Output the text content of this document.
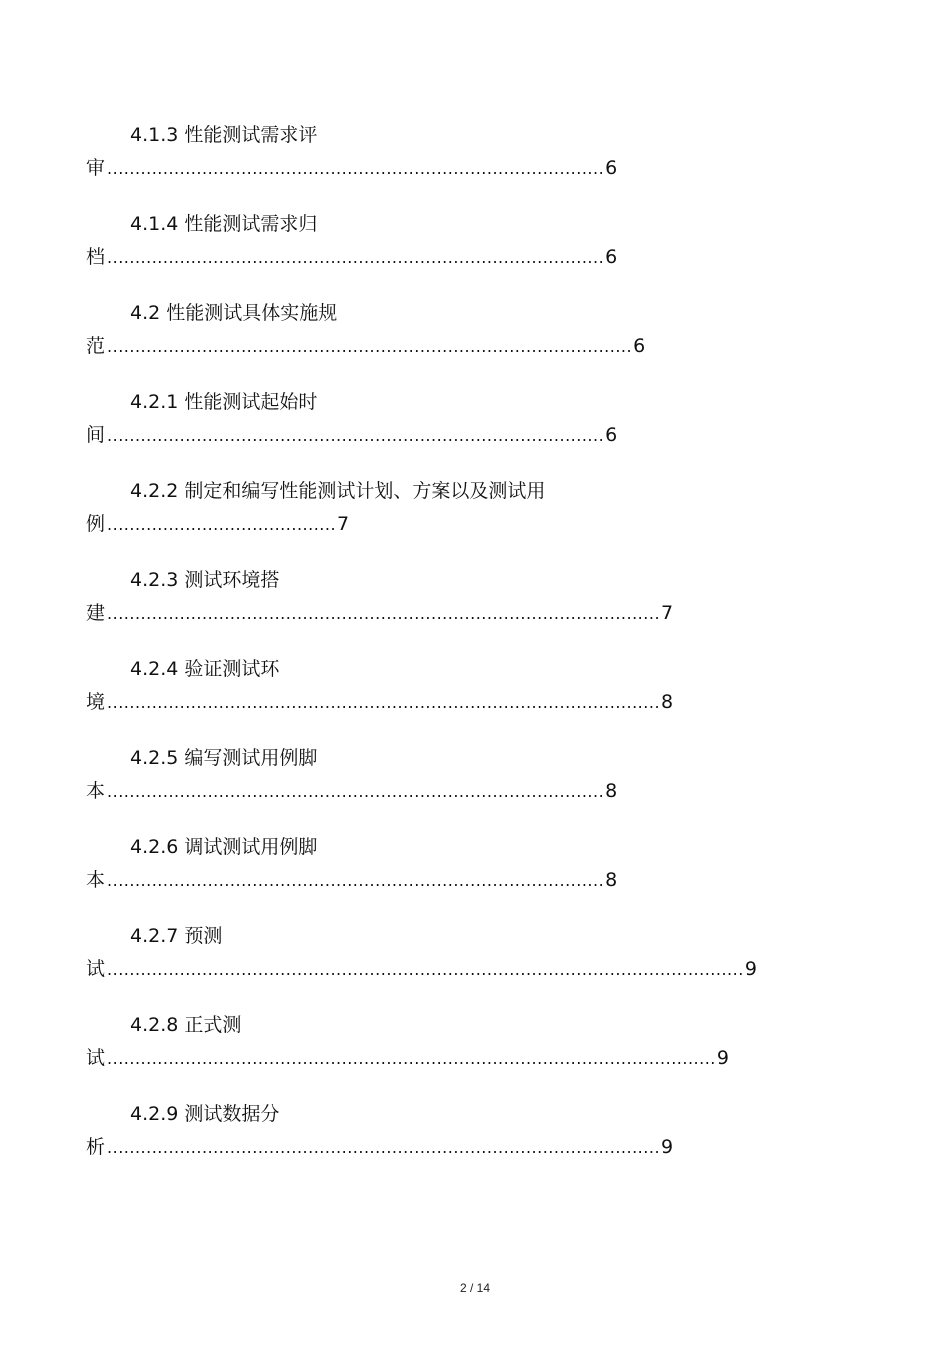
4.1.3 性能测试需求评
审 ......................................................................................... 6
4.1.4 性能测试需求归
档 ......................................................................................... 6
4.2 性能测试具体实施规
范 .............................................................................................. 6
4.2.1 性能测试起始时
间 ......................................................................................... 6
4.2.2 制定和编写性能测试计划、方案以及测试用
例 ......................................... 7
4.2.3 测试环境搭
建 ................................................................................................... 7
4.2.4 验证测试环
境 ................................................................................................... 8
4.2.5 编写测试用例脚
本 ......................................................................................... 8
4.2.6 调试测试用例脚
本 ......................................................................................... 8
4.2.7 预测
试 .................................................................................................................. 9
4.2.8 正式测
试 ............................................................................................................. 9
4.2.9 测试数据分
析 ................................................................................................... 9
2 / 14
